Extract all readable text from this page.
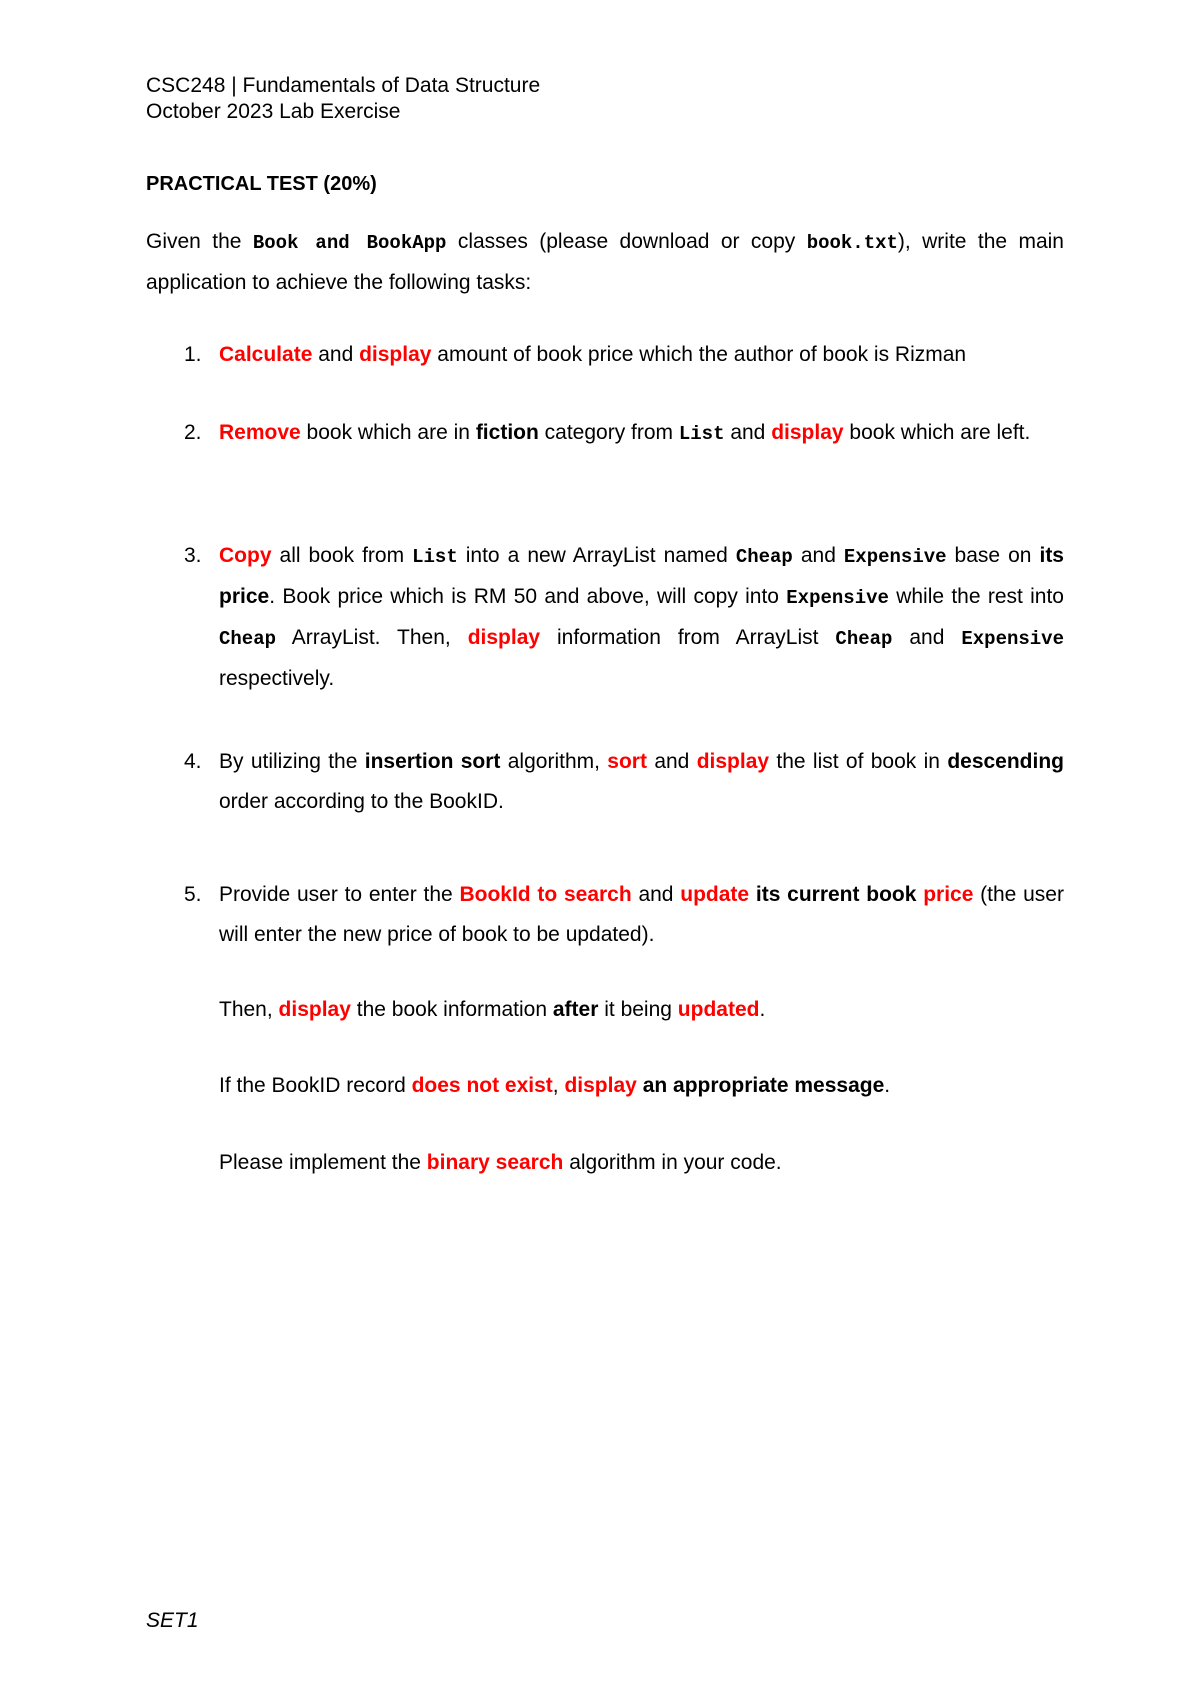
CSC248 | Fundamentals of Data Structure
October 2023 Lab Exercise
PRACTICAL TEST (20%)
Given the Book and BookApp classes (please download or copy book.txt), write the main application to achieve the following tasks:
1. Calculate and display amount of book price which the author of book is Rizman
2. Remove book which are in fiction category from List and display book which are left.
3. Copy all book from List into a new ArrayList named Cheap and Expensive base on its price. Book price which is RM 50 and above, will copy into Expensive while the rest into Cheap ArrayList. Then, display information from ArrayList Cheap and Expensive respectively.
4. By utilizing the insertion sort algorithm, sort and display the list of book in descending order according to the BookID.
5. Provide user to enter the BookId to search and update its current book price (the user will enter the new price of book to be updated).
Then, display the book information after it being updated.
If the BookID record does not exist, display an appropriate message.
Please implement the binary search algorithm in your code.
SET1
